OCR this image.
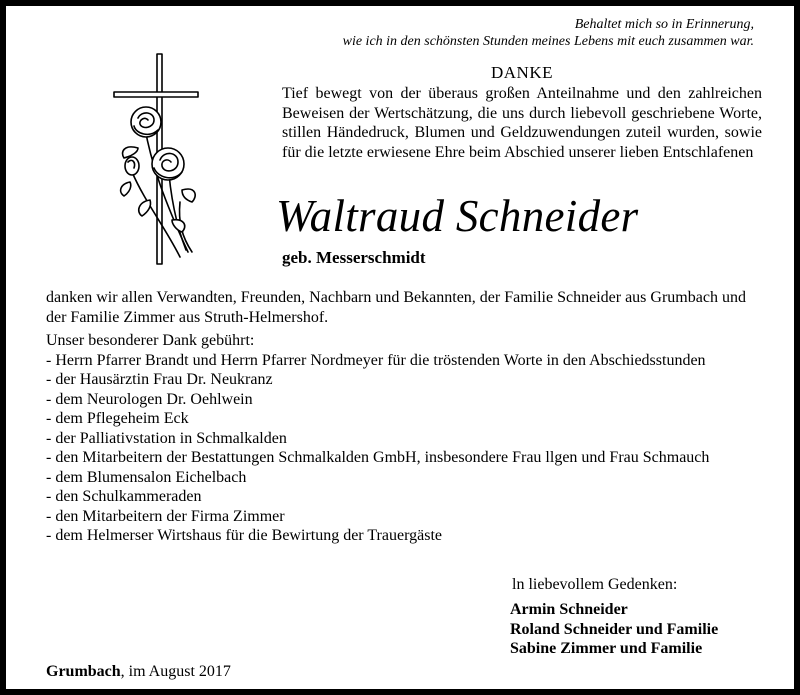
Behaltet mich so in Erinnerung,
wie ich in den schönsten Stunden meines Lebens mit euch zusammen war.
DANKE
Tief bewegt von der überaus großen Anteilnahme und den zahlreichen Beweisen der Wertschätzung, die uns durch liebevoll geschriebene Worte, stillen Händedruck, Blumen und Geldzuwendungen zuteil wurden, sowie für die letzte erwiesene Ehre beim Abschied unserer lieben Entschlafenen
Waltraud Schneider
geb. Messerschmidt

danken wir allen Verwandten, Freunden, Nachbarn und Bekannten, der Familie Schneider aus Grumbach und der Familie Zimmer aus Struth-Helmershof.

Unser besonderer Dank gebührt:

- Herrn Pfarrer Brandt und Herrn Pfarrer Nordmeyer für die tröstenden Worte in den Abschiedsstunden
- der Hausärztin Frau Dr. Neukranz
- dem Neurologen Dr. Oehlwein
- dem Pflegeheim Eck
- der Palliativstation in Schmalkalden
- den Mitarbeitern der Bestattungen Schmalkalden GmbH, insbesondere Frau llgen und Frau Schmauch
- dem Blumensalon Eichelbach
- den Schulkammeraden
- den Mitarbeitern der Firma Zimmer
- dem Helmerser Wirtshaus für die Bewirtung der Trauergäste
ln liebevollem Gedenken:
Armin Schneider
Roland Schneider und Familie
Sabine Zimmer und Familie
Grumbach, im August 2017
